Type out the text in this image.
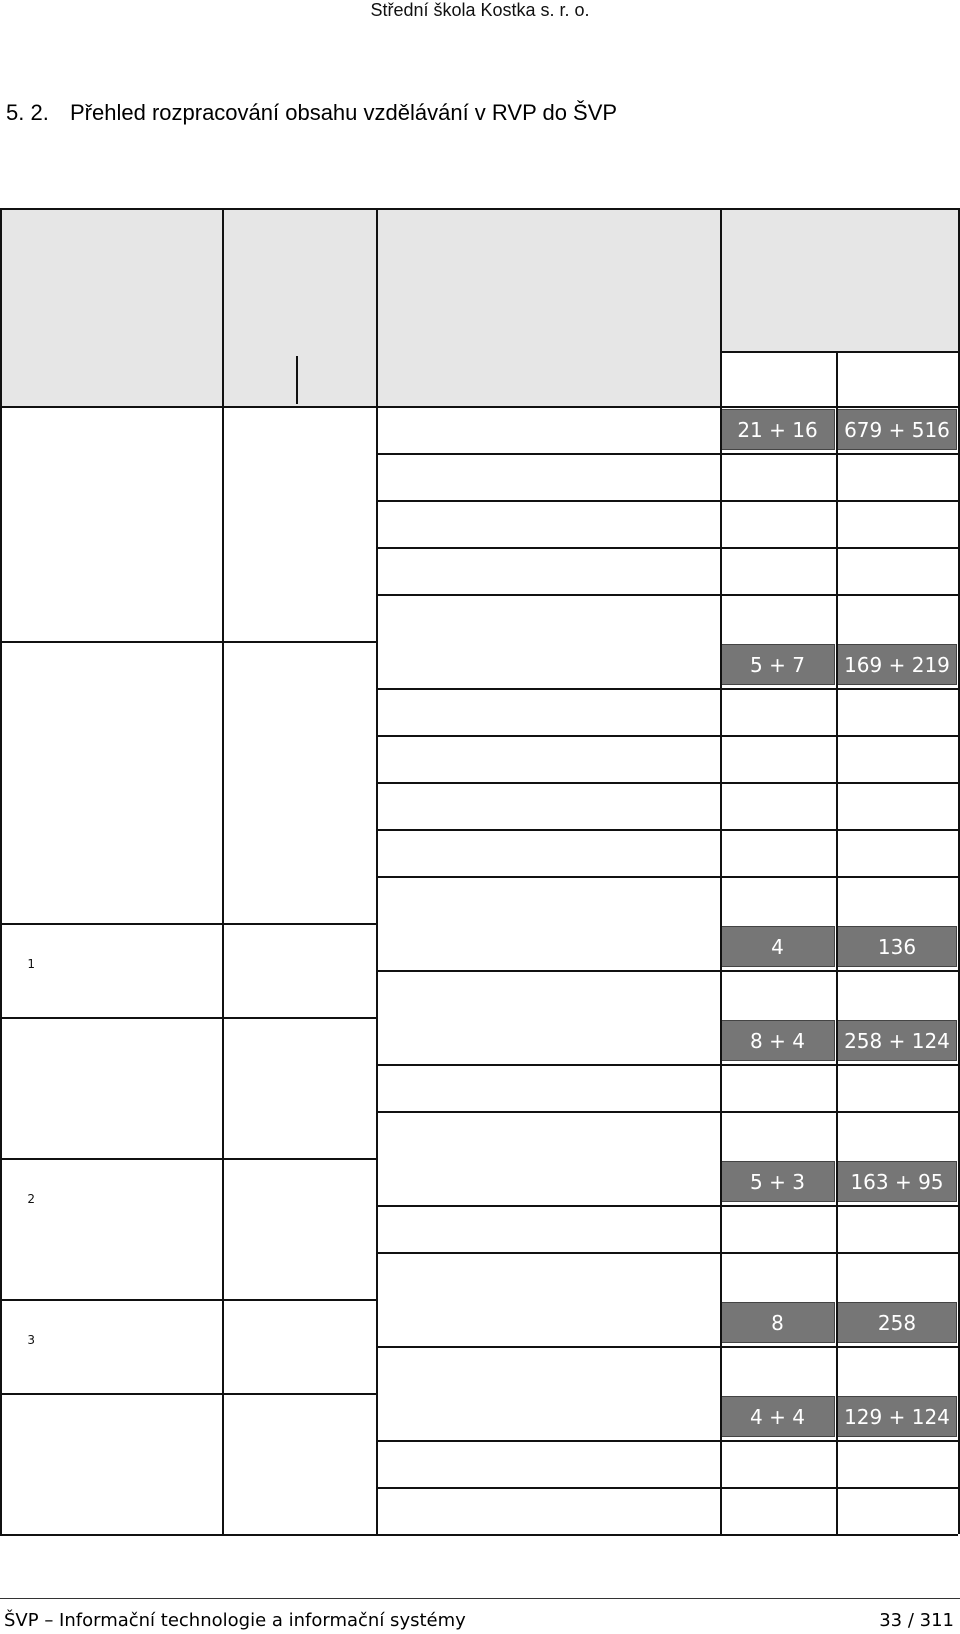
Střední škola Kostka s. r. o.
5. 2. Přehled rozpracování obsahu vzdělávání v RVP do ŠVP
21 + 16	679 + 516
5 + 7	169 + 219
$^1$
4	136
8 + 4	258 + 124
$^2$
5 + 3	163 + 95
$^3$
8	258
4 + 4	129 + 124
ŠVP – Informační technologie a informační systémy	33 / 311
